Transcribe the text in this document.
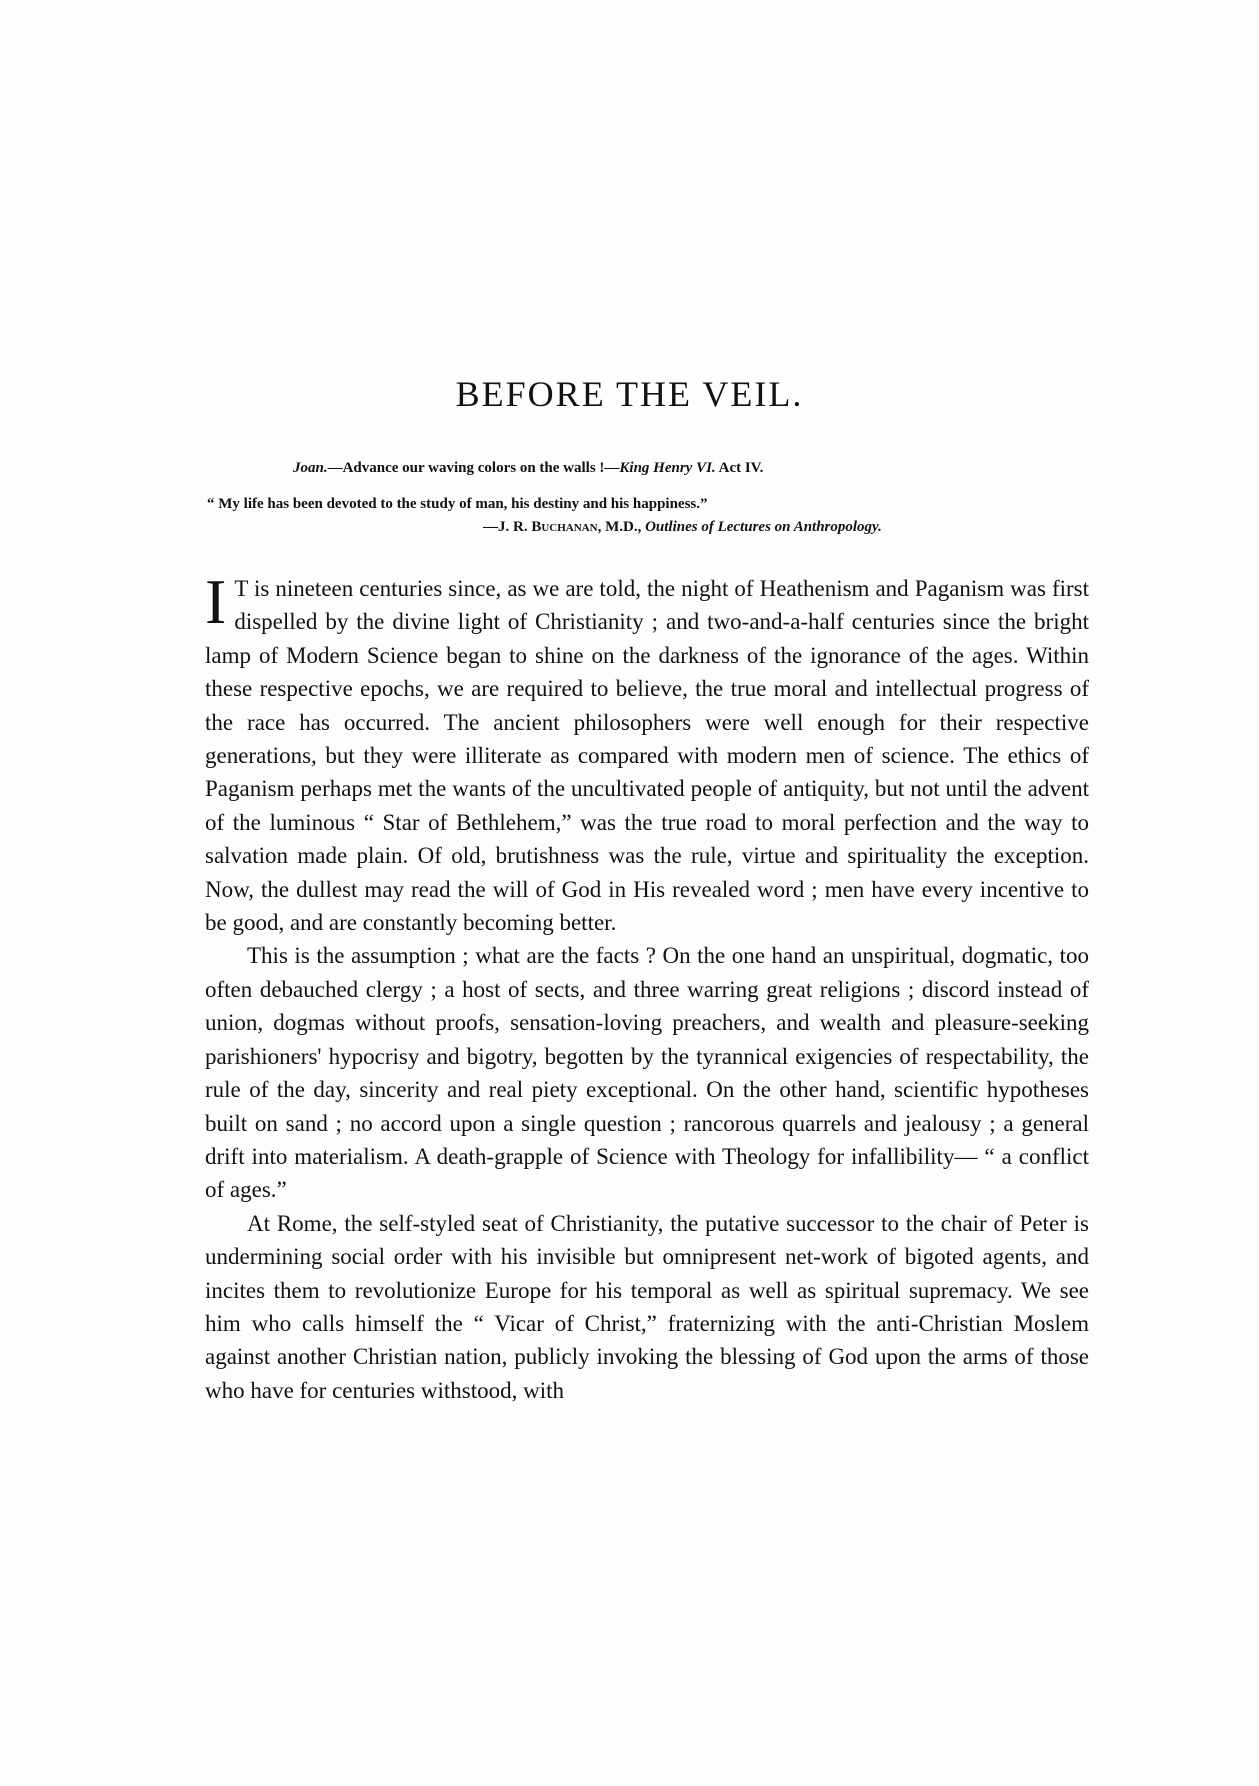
BEFORE THE VEIL.

Joan.—Advance our waving colors on the walls !—King Henry VI. Act IV.

“ My life has been devoted to the study of man, his destiny and his happiness.”

—J. R. Buchanan, M.D., Outlines of Lectures on Anthropology.

I T is nineteen centuries since, as we are told, the night of Heathenism and Paganism was first dispelled by the divine light of Christianity ; and two-and-a-half centuries since the bright lamp of Modern Science began to shine on the darkness of the ignorance of the ages. Within these respective epochs, we are required to believe, the true moral and intellectual progress of the race has occurred. The ancient philosophers were well enough for their respective generations, but they were illiterate as compared with modern men of science. The ethics of Paganism perhaps met the wants of the uncultivated people of antiquity, but not until the advent of the luminous “ Star of Bethlehem,” was the true road to moral perfection and the way to salvation made plain. Of old, brutishness was the rule, virtue and spirituality the exception. Now, the dullest may read the will of God in His revealed word ; men have every incentive to be good, and are constantly becoming better.

This is the assumption ; what are the facts ? On the one hand an unspiritual, dogmatic, too often debauched clergy ; a host of sects, and three warring great religions ; discord instead of union, dogmas without proofs, sensation-loving preachers, and wealth and pleasure-seeking parishioners' hypocrisy and bigotry, begotten by the tyrannical exigencies of respectability, the rule of the day, sincerity and real piety exceptional. On the other hand, scientific hypotheses built on sand ; no accord upon a single question ; rancorous quarrels and jealousy ; a general drift into materialism. A death-grapple of Science with Theology for infallibility— “ a conflict of ages.”

At Rome, the self-styled seat of Christianity, the putative successor to the chair of Peter is undermining social order with his invisible but omnipresent net-work of bigoted agents, and incites them to revolutionize Europe for his temporal as well as spiritual supremacy. We see him who calls himself the “ Vicar of Christ,” fraternizing with the anti-Christian Moslem against another Christian nation, publicly invoking the blessing of God upon the arms of those who have for centuries withstood, with
